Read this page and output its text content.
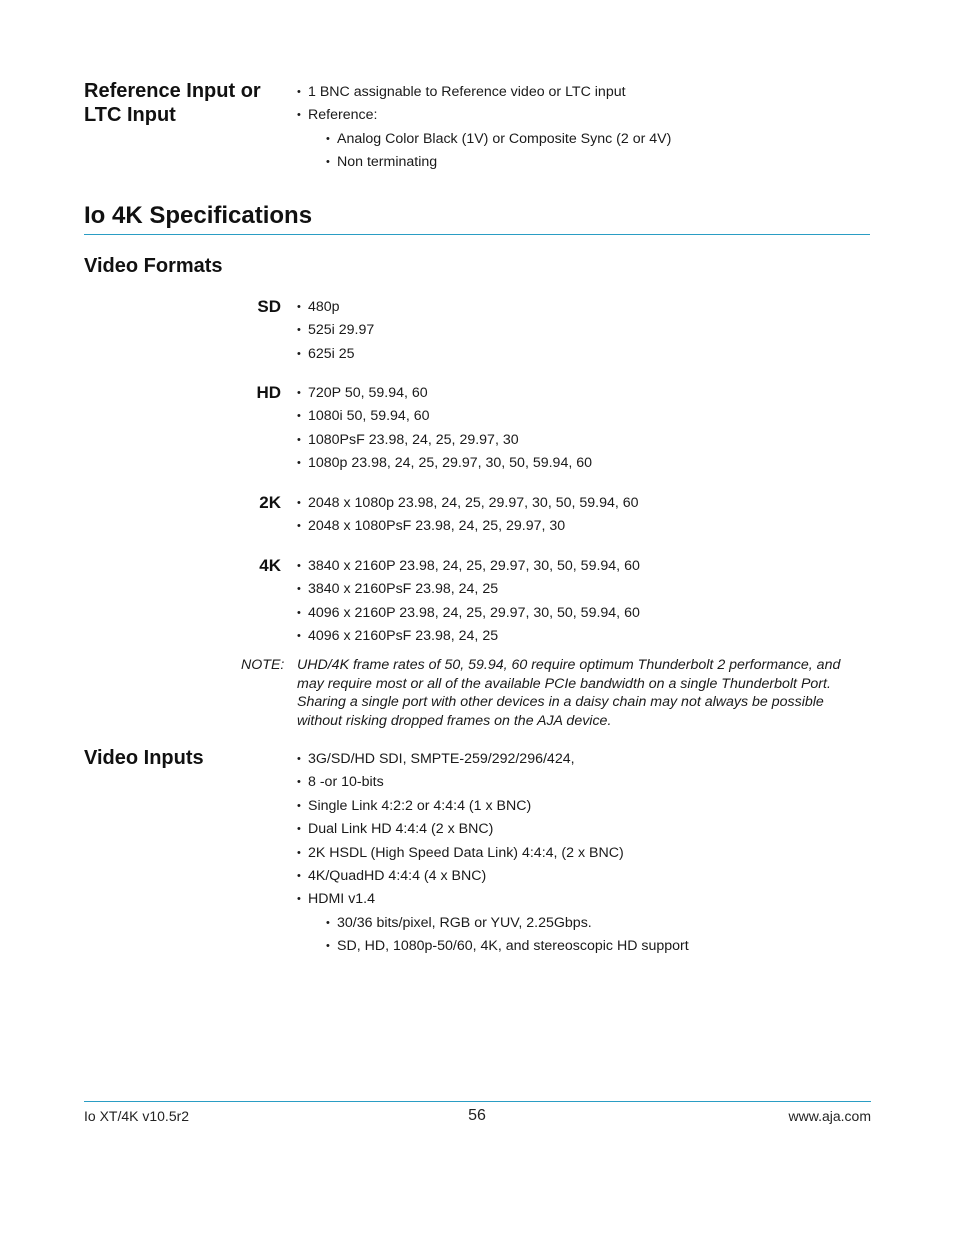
Reference Input or LTC Input
• 1 BNC assignable to Reference video or LTC input
• Reference:
• Analog Color Black (1V) or Composite Sync (2 or 4V)
• Non terminating
Io 4K Specifications
Video Formats
SD	• 480p
• 525i 29.97
• 625i 25
HD	• 720P 50, 59.94, 60
• 1080i 50, 59.94, 60
• 1080PsF 23.98, 24, 25, 29.97, 30
• 1080p 23.98, 24, 25, 29.97, 30, 50, 59.94, 60
2K	• 2048 x 1080p 23.98, 24, 25, 29.97, 30, 50, 59.94, 60
• 2048 x 1080PsF 23.98, 24, 25, 29.97, 30
4K	• 3840 x 2160P 23.98, 24, 25, 29.97, 30, 50, 59.94, 60
• 3840 x 2160PsF 23.98, 24, 25
• 4096 x 2160P 23.98, 24, 25, 29.97, 30, 50, 59.94, 60
• 4096 x 2160PsF 23.98, 24, 25
NOTE: UHD/4K frame rates of 50, 59.94, 60 require optimum Thunderbolt 2 performance, and may require most or all of the available PCIe bandwidth on a single Thunderbolt Port. Sharing a single port with other devices in a daisy chain may not always be possible without risking dropped frames on the AJA device.
Video Inputs	• 3G/SD/HD SDI, SMPTE-259/292/296/424,
• 8 -or 10-bits
• Single Link 4:2:2 or 4:4:4 (1 x BNC)
• Dual Link HD 4:4:4 (2 x BNC)
• 2K HSDL (High Speed Data Link) 4:4:4, (2 x BNC)
• 4K/QuadHD 4:4:4 (4 x BNC)
• HDMI v1.4
• 30/36 bits/pixel, RGB or YUV, 2.25Gbps.
• SD, HD, 1080p-50/60, 4K, and stereoscopic HD support
Io XT/4K v10.5r2	56	www.aja.com
